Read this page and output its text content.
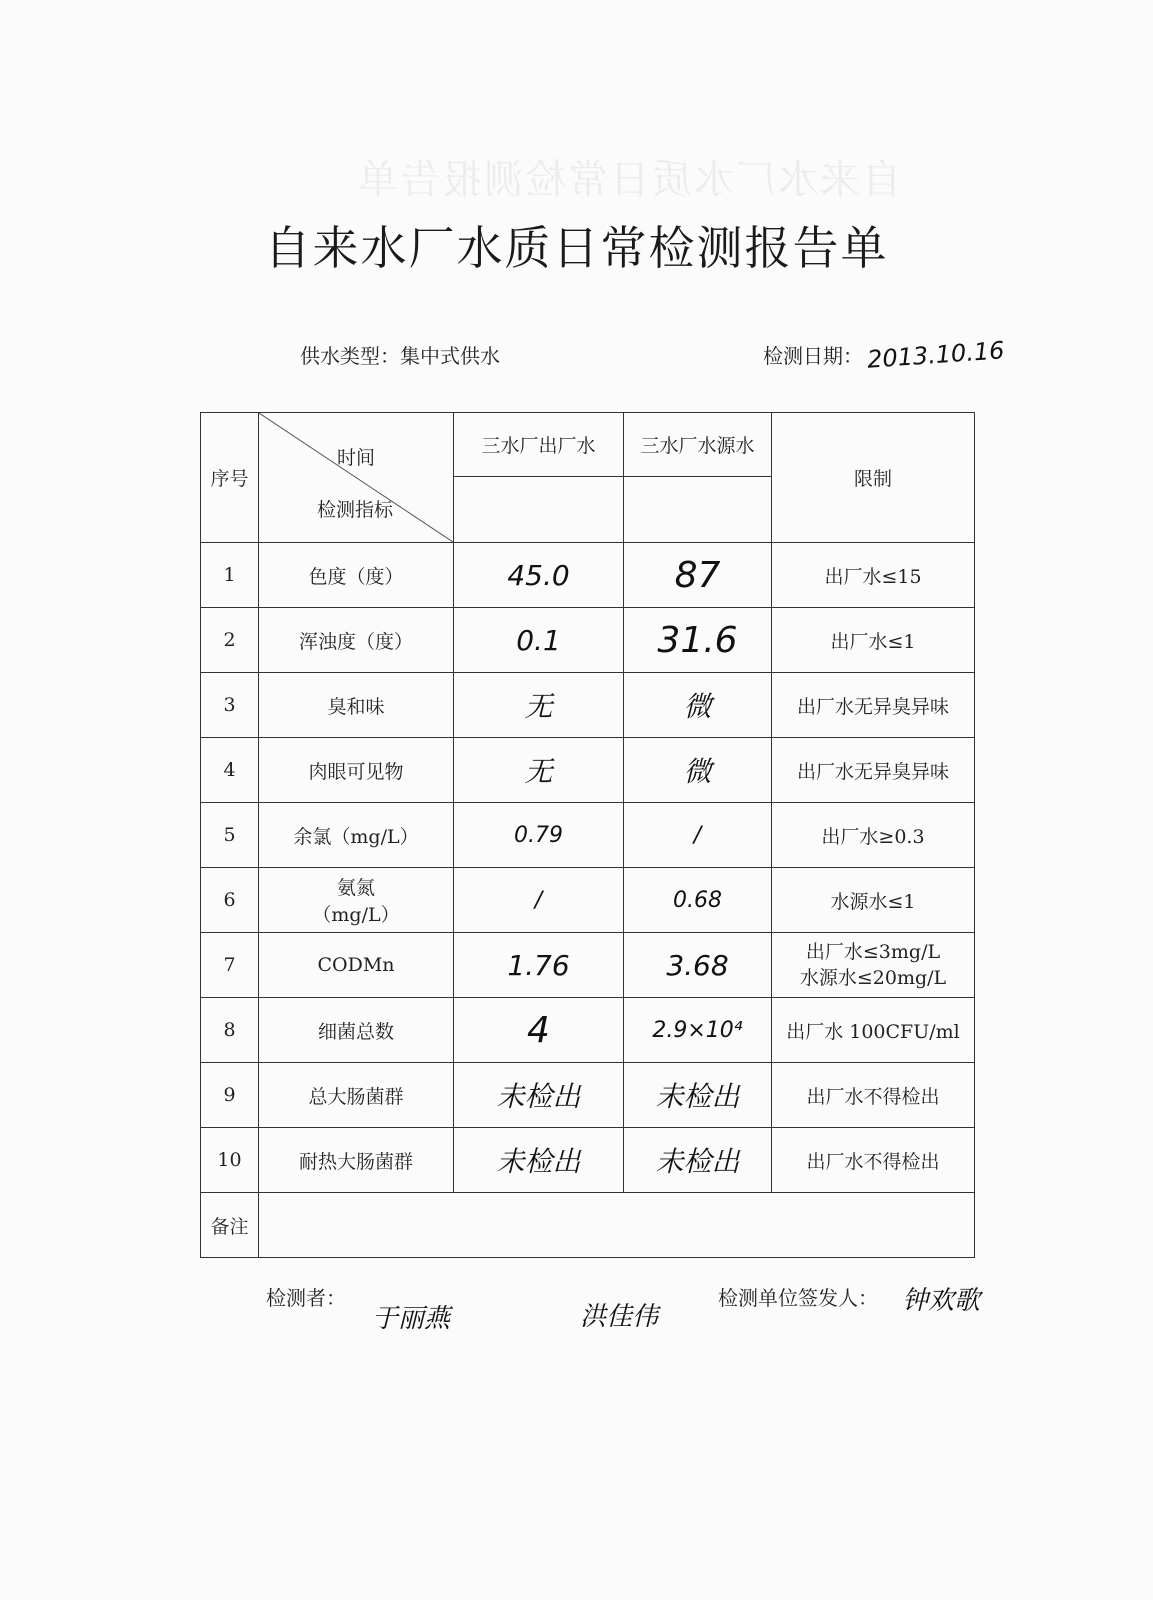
自来水厂水质日常检测报告单
自来水厂水质日常检测报告单
供水类型：集中式供水	检测日期： 2013.10.16
序号	时间
检测指标	三水厂出厂水	三水厂水源水	限制

1	色度（度）	45.0	87	出厂水≤15
2	浑浊度（度）	0.1	31.6	出厂水≤1
3	臭和味	无	微	出厂水无异臭异味
4	肉眼可见物	无	微	出厂水无异臭异味
5	余氯（mg/L）	0.79	/	出厂水≥0.3
6	氨氮
（mg/L）	/	0.68	水源水≤1
7	CODMn	1.76	3.68	出厂水≤3mg/L
水源水≤20mg/L

8	细菌总数	4	2.9×10⁴	出厂水 100CFU/ml
9	总大肠菌群	未检出	未检出	出厂水不得检出
10	耐热大肠菌群	未检出	未检出	出厂水不得检出
备注				
检测者：
于丽燕	洪佳伟
检测单位签发人： 钟欢歌
